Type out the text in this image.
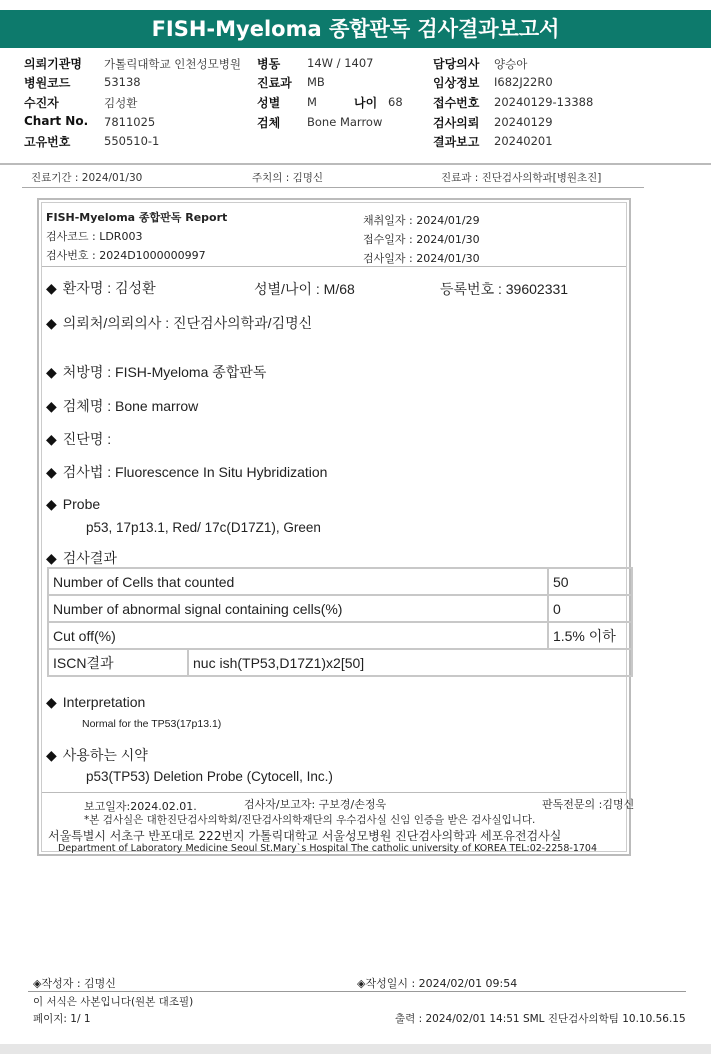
FISH-Myeloma 종합판독 검사결과보고서
의뢰기관명 가톨릭대학교 인천성모병원
병원코드	53138
수진자	김성환
Chart No. 7811025
고유번호	550510-1
병동 14W / 1407
진료과 MB
성별 M	나이 68
검체 Bone Marrow
담당의사 양승아
임상정보 I682J22R0
접수번호 20240129-13388
검사의뢰 20240129
결과보고 20240201
진료기간 : 2024/01/30	주치의 : 김명신	진료과 : 진단검사의학과[병원초진]
FISH-Myeloma 종합판독 Report
검사코드 : LDR003
검사번호 : 2024D1000000997
채취일자 : 2024/01/29
접수일자 : 2024/01/30
검사일자 : 2024/01/30
◆ 환자명 : 김성환	성별/나이 : M/68	등록번호 : 39602331
◆ 의뢰처/의뢰의사 : 진단검사의학과/김명신
◆ 처방명 : FISH-Myeloma 종합판독
◆ 검체명 : Bone marrow
◆ 진단명 :
◆ 검사법 : Fluorescence In Situ Hybridization
◆ Probe
p53, 17p13.1, Red/ 17c(D17Z1), Green
◆ 검사결과
Number of Cells that counted		50
Number of abnormal signal containing cells(%)		0
Cut off(%)		1.5% 이하
ISCN결과	nuc ish(TP53,D17Z1)x2[50]	
◆ Interpretation
Normal for the TP53(17p13.1)
◆ 사용하는 시약
p53(TP53) Deletion Probe (Cytocell, Inc.)
보고일자:2024.02.01.	검사자/보고자: 구보경/손정욱	판독전문의 :김명신
*본 검사실은 대한진단검사의학회/진단검사의학재단의 우수검사실 신임 인증을 받은 검사실입니다.
서울특별시 서초구 반포대로 222번지 가톨릭대학교 서울성모병원 진단검사의학과 세포유전검사실
Department of Laboratory Medicine Seoul St.Mary`s Hospital The catholic university of KOREA TEL:02-2258-1704
◈작성자 : 김명신	◈작성일시 : 2024/02/01 09:54
이 서식은 사본입니다(원본 대조필)
페이지: 1/ 1	출력 : 2024/02/01 14:51 SML 진단검사의학팀 10.10.56.15
